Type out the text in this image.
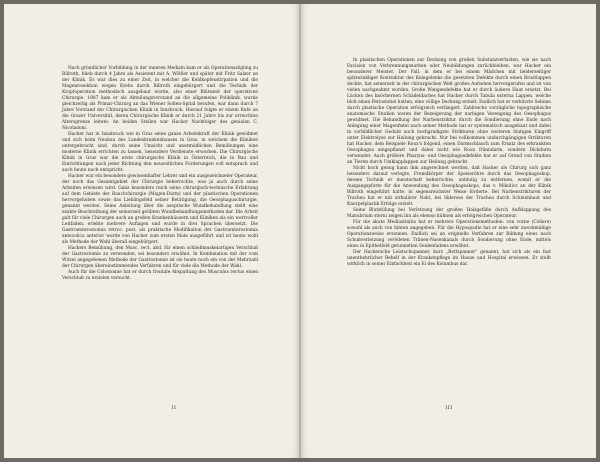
Nach gründlicher Vorbildung in der inneren Medizin kam er als Operationszögling zu Billroth, blieb durch 4 Jahre als Assistent mit A. Wölfler und später mit Fritz Salzer an der Klinik. Es war dies zu einer Zeit, in welcher die Kehlkopfexstirpation und die Magenresektion wegen Krebs durch Billroth eingebürgert und die Technik der Kropfoperation methodisch ausgebaut wurde, also einer Blütezeit der operativen Chirurgie. 1887 kam er als Abteilungsvorstand an die allgemeine Poliklinik, wurde gleichzeitig als Primar-Chirurg an das Wiener Sofien-Spital berufen, war dann durch 7 Jahre Vorstand der Chirurgischen Klinik in Innsbruck. Hierauf folgte er einem Rufe an die Grazer Universität, deren Chirurgische Klinik er durch 21 Jahre bis zur erreichten Altersgrenze leitete. An beiden Stellen war Hacker Nachfolger des genialen C. Nicoladoni.

Hacker hat in Innsbruck wie in Graz seine ganze Arbeitskraft der Klinik gewidmet und sich beim Neubau des Landeskrankenhauses in Graz, in welchem die Kliniken untergebracht sind, durch seine Umsicht und unermüdlichen Bemühungen eine moderne Klinik errichten zu lassen, besondere Verdienste erworben. Die Chirurgische Klinik in Graz war die erste chirurgische Klinik in Österreich, die in Bau und Einrichtungen nach jeder Richtung den neuzeitlichen Forderungen voll entsprach und auch heute noch entspricht.

Hacker war ein besonders gewissenhafter Lehrer und ein ausgezeichneter Operateur, der noch das Gesamtgebiet der Chirurgie beherrschte, was ja auch durch seine Arbeiten erwiesen wird. Ganz besonders reich seine chirurgisch-technische Erfahrung auf dem Gebiete der Bauchchirurgie (Magen-Darm) und der plastischen Operationen hervorgehoben sowie das Lieblingsfeld seiner Betätigung, die Oesophaguschirurgie, genannt werden. Seine Anleitung über die aseptische Wundbehandlung stellt eine exakte Beschreibung der seinerzeit geübten Wundbehandlungsmethoden dar. Die Arbeit galt für viele Chirurgen auch an großen Krankenhäusern und Kliniken als ein wertvoller Leitfaden, erlebte mehrere Auflagen und wurde in drei Sprachen übersetzt. Die Gastroenterostomia retroc. post. als praktische Modifikation der Gastroenterostomia antecolica anterior wurde von Hacker zum ersten Male ausgeführt und ist heute wohl als Methode der Wahl überall eingebürgert.

Hackers Bemühung, den Musc. rect. abd. für einen schließmuskelartigen Verschluß der Gastrostomie zu verwenden, sei besonders erwähnt. In Kombination mit der vom Witzel angegebenen Methode der Gastrostomie ist sie heute noch ein von der Mehrzahl der Chirurgen übereinstimmendes Verfahren und für viele die Methode der Wahl.

Auch für die Colostomie hat er durch frontale Abspaltung des Musculus rectus einen Verschluß zu erzielen versucht.

II

In plastischen Operationen zur Deckung von großen Substanzverlusten, wie sie nach Excision von Verbrennungsnarben oder Neubildungen zurückbleiben, war Hacker ein besonderer Meister. Der Fall, in dem er bei einem Mädchen mit beiderseitiger spitzwinkliger Kontraktur des Kniegelenks die gesetzten Defekte durch einen Brustlappen deckte, hat seinerzeit in der chirurgischen Welt großes Aufsehen hervorgerufen und ist von vielen nachgeahmt worden. Große Wangendefekte hat er durch äußere Haut ersetzt. Bei Lücken des knöchernen Schädeldaches hat Hacker durch Tabula externa Lappen, welche bloß einen Perioststiel hatten, eine völlige Deckung erzielt. Endlich hat er verkürzte Sehnen durch plastische Operation erfolgreich verlängert. Zahlreiche vorzügliche topographische anatomische Studien waren der Bezeigerung der narbigen Verengung des Oesophagus gewidmet. Die Behandlung der Narbenstriktur durch die Sondierung ohne Ende nach Anlegung einer Magenfistel nach seiner Methode hat er systematisch ausgebaut und dabei in vorbildlicher Geduld auch hochgradigste Strikturen ohne weiteren blutigen Eingriff unter Elektrolyse zur Heilung gebracht. Nur bei vollkommen undurchgängigen Strikturen hat Hacker, dem Beispiele Roux's folgend, einen Darmschlauch zum Ersatz des erkrankten Oesophagus eingepflanzt und dabei nicht wie Roux Dünndarm, sondern Dickdarm verwendet. Auch größere Pharynx- und Oesophagusdefekte hat er auf Grund von Studien an Tieren durch Umklapplappen zur Heilung gebracht.

Nicht hoch genug kann ihm angerechnet werden, daß Hacker als Chirurg sich ganz besonders darauf verlegte, Fremdkörper der Speiseröhre durch das Oesophagoskop, dessen Technik er meisterhaft beherrschte, unblutig zu entfernen, womit er die Ausgangspforte für die Anwendung des Oesophagoskops, das v. Mikulicz an der Klinik Billroth eingeführt hatte, in segensreichster Weise förderte. Bei Narbenstrikturen der Trachea hat er mit zirkulärer Naht, bei Sklerose der Trachea durch Schleimhaut und Knorpelplastik Erfolge erzielt.

Seine Blutstillung bei Verletzung der großen Halsgefäße durch Aufklappung des Manubrium sterni zeigen ihn als ebenso kühnen als erfolgreichen Operateur.

Für die akute Mediastinitis hat er mehrere Operationsmethoden: von vorne (Collare) sowohl als auch von hinten angegeben. Für die Hypospadie hat er eine sehr zweckmäßige Operationsweise ersonnen. Endlich sei an originelle Verfahren zur Bildung eines nach Schußverletzung verödeten Tränen-Nasenkanals durch Sondierung ohne Ende, mittels eines in Epithelfeld getunnelten Seidenfadens erwähnt.

Der Hackersche Leistschopanner, kurz „Bettspanner" genannt, hat sich als ein fast unentbehrlicher Behelf in der Krankenpflege im Hause und Hospital erwiesen. Er stellt wirklich in seiner Einfachheit ein Ei des Kolumbus dar.

III
